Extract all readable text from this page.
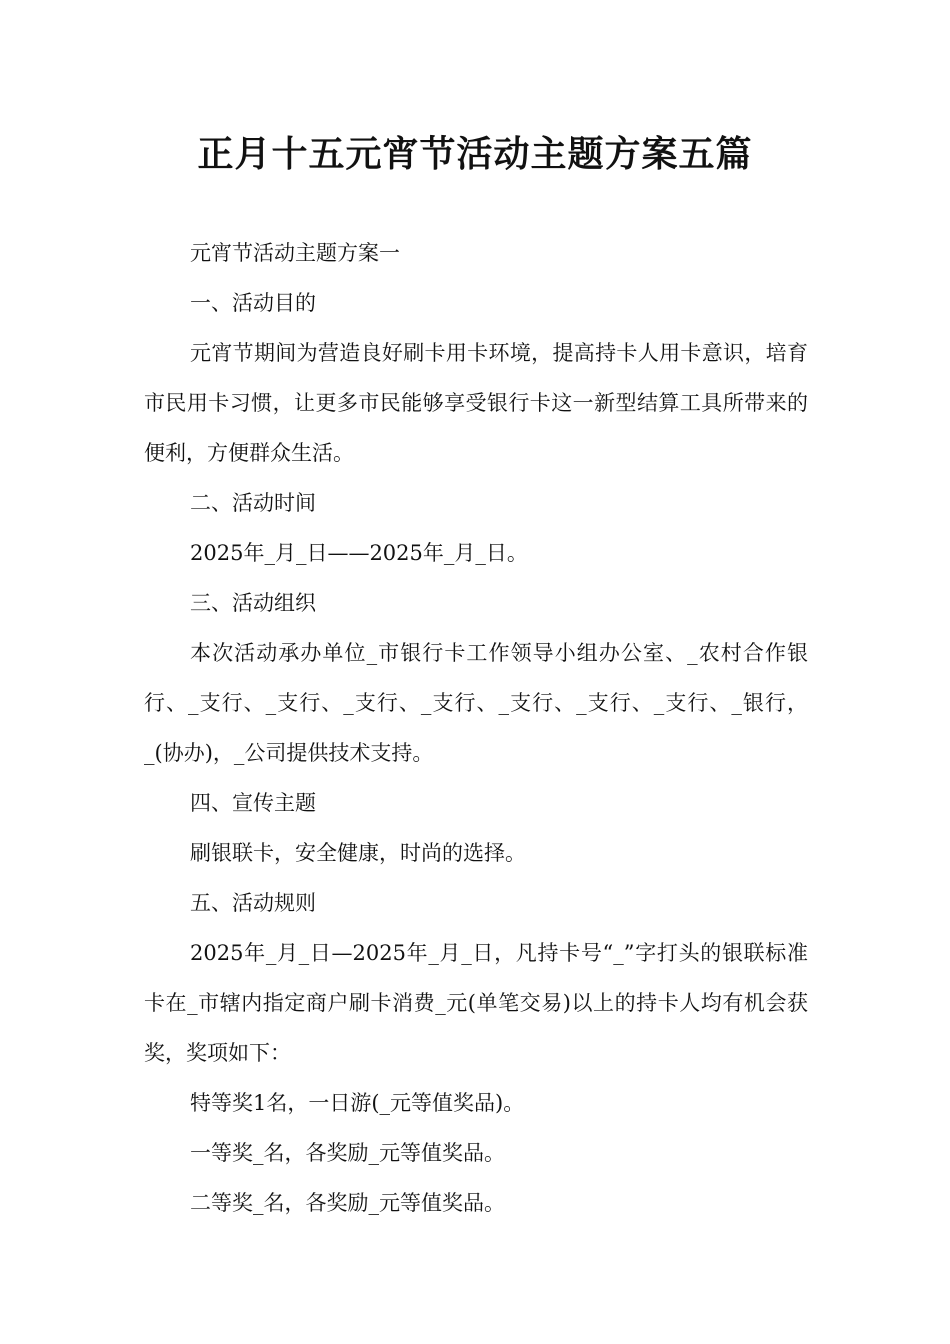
正月十五元宵节活动主题方案五篇

元宵节活动主题方案一

一、活动目的

元宵节期间为营造良好刷卡用卡环境，提高持卡人用卡意识，培育市民用卡习惯，让更多市民能够享受银行卡这一新型结算工具所带来的便利，方便群众生活。

二、活动时间

2025年_月_日——2025年_月_日。

三、活动组织

本次活动承办单位_市银行卡工作领导小组办公室、_农村合作银行、_支行、_支行、_支行、_支行、_支行、_支行、_支行、_银行，_(协办)，_公司提供技术支持。

四、宣传主题

刷银联卡，安全健康，时尚的选择。

五、活动规则

2025年_月_日—2025年_月_日，凡持卡号“_”字打头的银联标准卡在_市辖内指定商户刷卡消费_元(单笔交易)以上的持卡人均有机会获奖，奖项如下：

特等奖1名，一日游(_元等值奖品)。

一等奖_名，各奖励_元等值奖品。

二等奖_名，各奖励_元等值奖品。
